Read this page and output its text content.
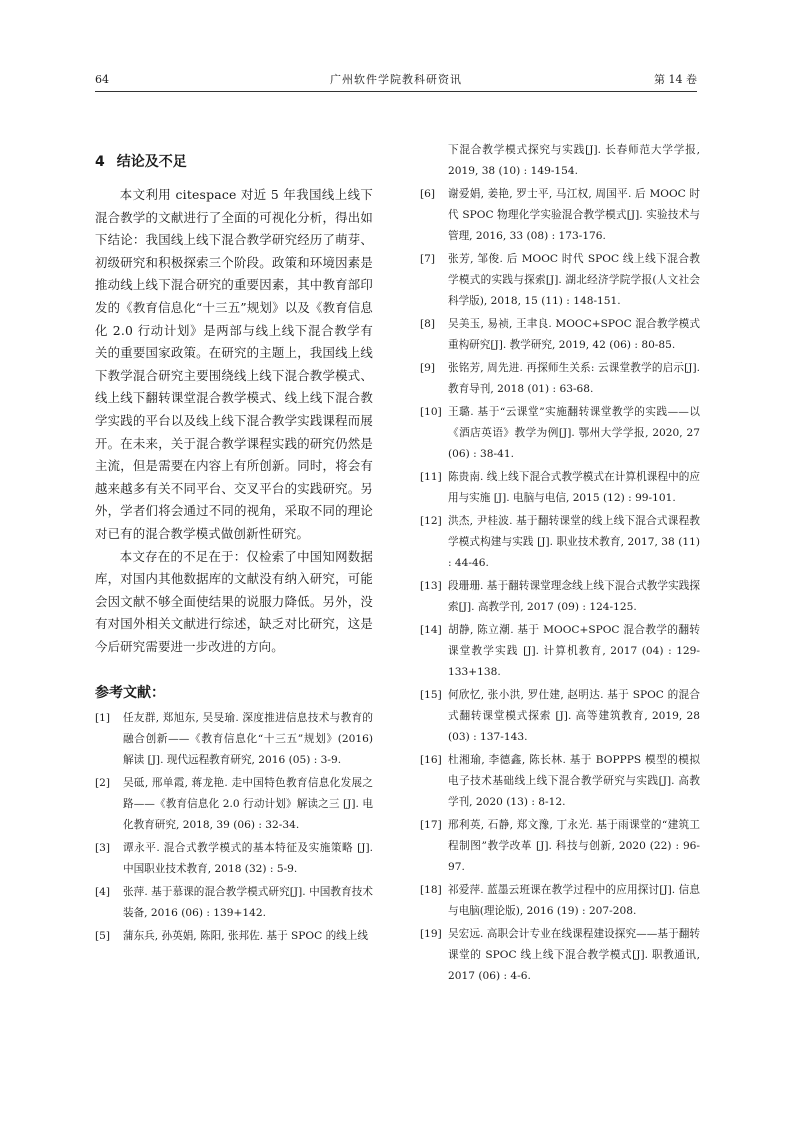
64	广州软件学院教科研资讯	第 14 卷
4 结论及不足

本文利用 citespace 对近 5 年我国线上线下混合教学的文献进行了全面的可视化分析，得出如下结论：我国线上线下混合教学研究经历了萌芽、初级研究和积极探索三个阶段。政策和环境因素是推动线上线下混合研究的重要因素，其中教育部印发的《教育信息化“十三五”规划》以及《教育信息化 2.0 行动计划》是两部与线上线下混合教学有关的重要国家政策。在研究的主题上，我国线上线下教学混合研究主要围绕线上线下混合教学模式、线上线下翻转课堂混合教学模式、线上线下混合教学实践的平台以及线上线下混合教学实践课程而展开。在未来，关于混合教学课程实践的研究仍然是主流，但是需要在内容上有所创新。同时，将会有越来越多有关不同平台、交叉平台的实践研究。另外，学者们将会通过不同的视角，采取不同的理论对已有的混合教学模式做创新性研究。

本文存在的不足在于：仅检索了中国知网数据库，对国内其他数据库的文献没有纳入研究，可能会因文献不够全面使结果的说服力降低。另外，没有对国外相关文献进行综述，缺乏对比研究，这是今后研究需要进一步改进的方向。

参考文献：
[1] 任友群, 郑旭东, 吴旻瑜. 深度推进信息技术与教育的融合创新——《教育信息化“十三五”规划》(2016) 解读 [J]. 现代远程教育研究, 2016 (05) : 3-9.
[2] 吴砥, 邢单霞, 蒋龙艳. 走中国特色教育信息化发展之路——《教育信息化 2.0 行动计划》解读之三 [J]. 电化教育研究, 2018, 39 (06) : 32-34.
[3] 谭永平. 混合式教学模式的基本特征及实施策略 [J]. 中国职业技术教育, 2018 (32) : 5-9.
[4] 张萍. 基于慕课的混合教学模式研究[J]. 中国教育技术装备, 2016 (06) : 139+142.
[5] 蒲东兵, 孙英娟, 陈阳, 张邦佐. 基于 SPOC 的线上线
下混合教学模式探究与实践[J]. 长春师范大学学报, 2019, 38 (10) : 149-154.
[6] 谢爱娟, 姜艳, 罗士平, 马江权, 周国平. 后 MOOC 时代 SPOC 物理化学实验混合教学模式[J]. 实验技术与管理, 2016, 33 (08) : 173-176.
[7] 张芳, 邹俊. 后 MOOC 时代 SPOC 线上线下混合教学模式的实践与探索[J]. 湖北经济学院学报(人文社会科学版), 2018, 15 (11) : 148-151.
[8] 吴美玉, 易祯, 王聿良. MOOC+SPOC 混合教学模式重构研究[J]. 教学研究, 2019, 42 (06) : 80-85.
[9] 张铭芳, 周先进. 再探师生关系: 云课堂教学的启示[J]. 教育导刊, 2018 (01) : 63-68.
[10] 王璐. 基于“云课堂”实施翻转课堂教学的实践——以《酒店英语》教学为例[J]. 鄂州大学学报, 2020, 27 (06) : 38-41.
[11] 陈贵南. 线上线下混合式教学模式在计算机课程中的应用与实施 [J]. 电脑与电信, 2015 (12) : 99-101.
[12] 洪杰, 尹桂波. 基于翻转课堂的线上线下混合式课程教学模式构建与实践 [J]. 职业技术教育, 2017, 38 (11) : 44-46.
[13] 段珊珊. 基于翻转课堂理念线上线下混合式教学实践探索[J]. 高教学刊, 2017 (09) : 124-125.
[14] 胡静, 陈立潮. 基于 MOOC+SPOC 混合教学的翻转课堂教学实践 [J]. 计算机教育, 2017 (04) : 129-133+138.
[15] 何欣忆, 张小洪, 罗仕建, 赵明达. 基于 SPOC 的混合式翻转课堂模式探索 [J]. 高等建筑教育, 2019, 28 (03) : 137-143.
[16] 杜湘瑜, 李德鑫, 陈长林. 基于 BOPPPS 模型的模拟电子技术基础线上线下混合教学研究与实践[J]. 高教学刊, 2020 (13) : 8-12.
[17] 邢利英, 石静, 郑文豫, 丁永光. 基于雨课堂的“建筑工程制图”教学改革 [J]. 科技与创新, 2020 (22) : 96-97.
[18] 祁爱萍. 蓝墨云班课在教学过程中的应用探讨[J]. 信息与电脑(理论版), 2016 (19) : 207-208.
[19] 吴宏远. 高职会计专业在线课程建设探究——基于翻转课堂的 SPOC 线上线下混合教学模式[J]. 职教通讯, 2017 (06) : 4-6.
